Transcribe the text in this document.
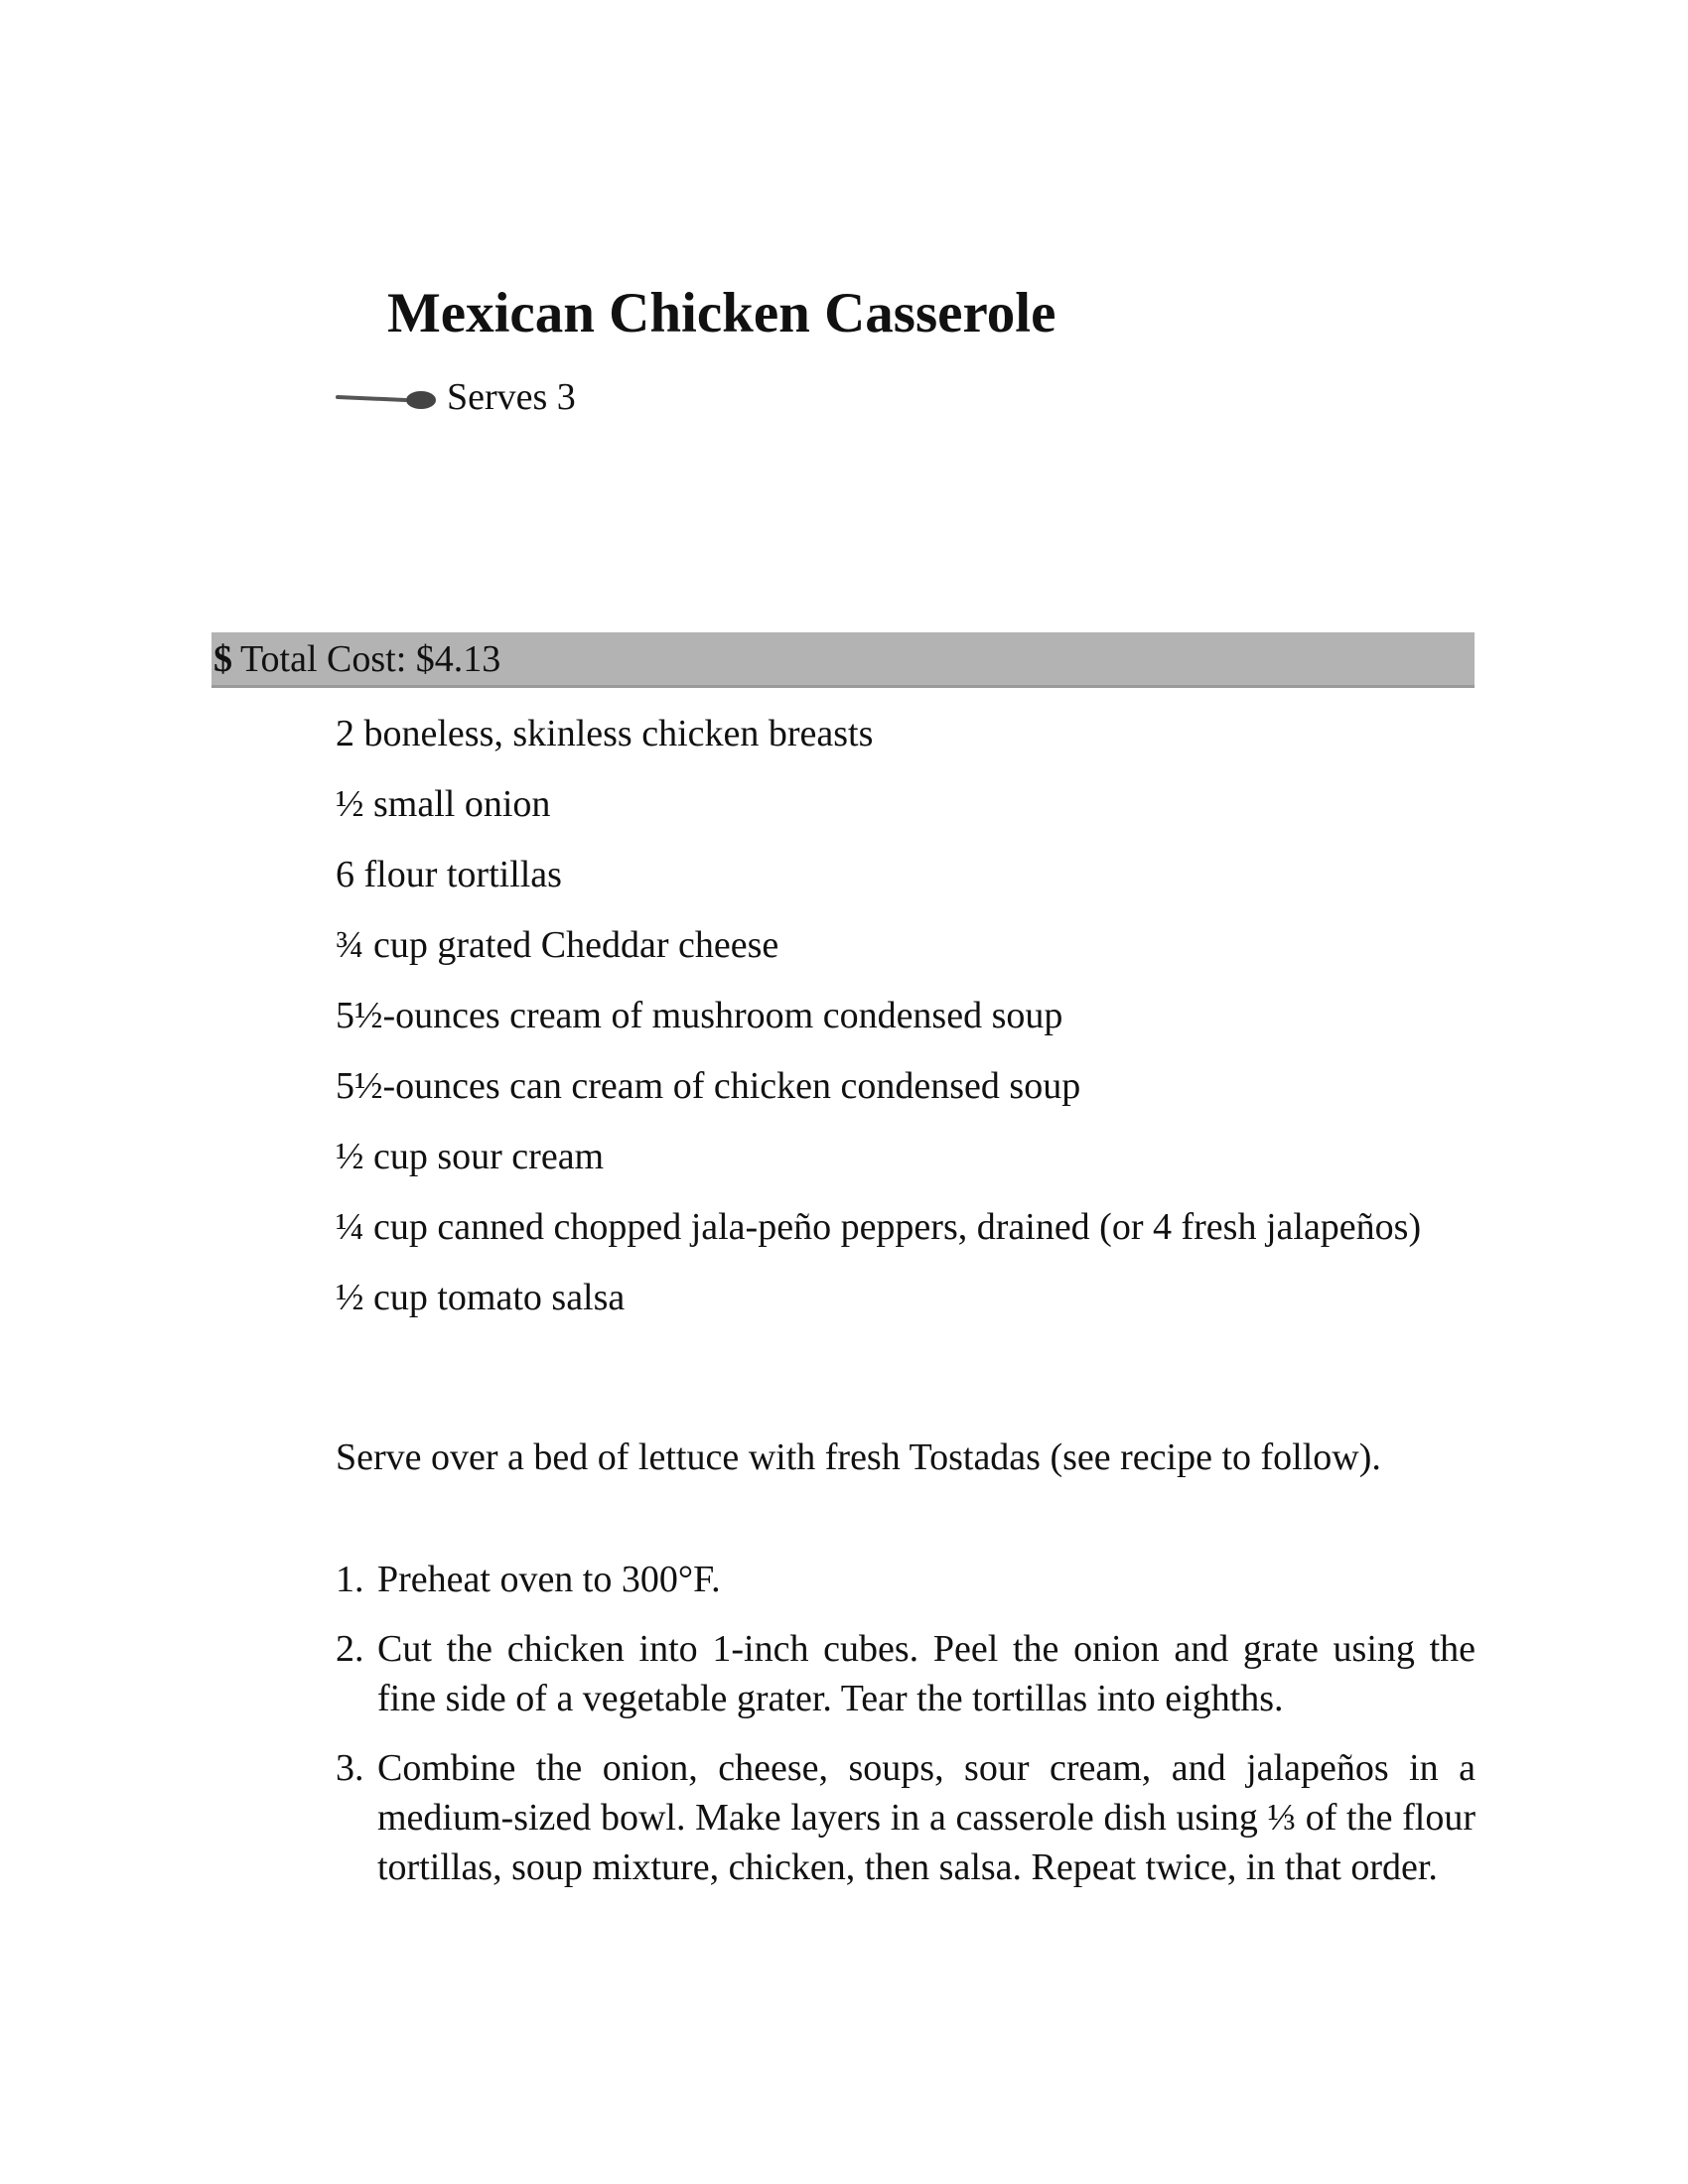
Mexican Chicken Casserole
Serves 3
$ Total Cost: $4.13
2 boneless, skinless chicken breasts
½ small onion
6 flour tortillas
¾ cup grated Cheddar cheese
5½-ounces cream of mushroom condensed soup
5½-ounces can cream of chicken condensed soup
½ cup sour cream
¼ cup canned chopped jala-peño peppers, drained (or 4 fresh jalapeños)
½ cup tomato salsa

Serve over a bed of lettuce with fresh Tostadas (see recipe to follow).

1. Preheat oven to 300°F.
2. Cut the chicken into 1-inch cubes. Peel the onion and grate using the fine side of a vegetable grater. Tear the tortillas into eighths.
3. Combine the onion, cheese, soups, sour cream, and jalapeños in a medium-sized bowl. Make layers in a casserole dish using ⅓ of the flour tortillas, soup mixture, chicken, then salsa. Repeat twice, in that order.
